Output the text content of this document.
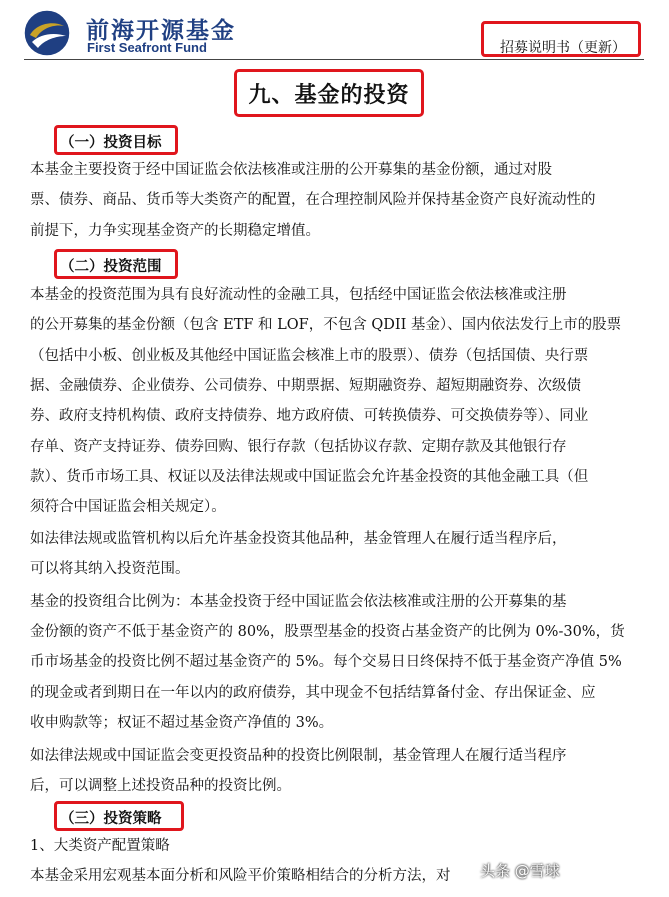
前海开源基金
First Seafront Fund	招募说明书（更新）
九、基金的投资
（一）投资目标
本基金主要投资于经中国证监会依法核准或注册的公开募集的基金份额，通过对股
票、债券、商品、货币等大类资产的配置，在合理控制风险并保持基金资产良好流动性的
前提下，力争实现基金资产的长期稳定增值。
（二）投资范围
本基金的投资范围为具有良好流动性的金融工具，包括经中国证监会依法核准或注册
的公开募集的基金份额（包含 ETF 和 LOF，不包含 QDII 基金）、国内依法发行上市的股票
（包括中小板、创业板及其他经中国证监会核准上市的股票）、债券（包括国债、央行票
据、金融债券、企业债券、公司债券、中期票据、短期融资券、超短期融资券、次级债
券、政府支持机构债、政府支持债券、地方政府债、可转换债券、可交换债券等）、同业
存单、资产支持证券、债券回购、银行存款（包括协议存款、定期存款及其他银行存
款）、货币市场工具、权证以及法律法规或中国证监会允许基金投资的其他金融工具（但
须符合中国证监会相关规定）。
如法律法规或监管机构以后允许基金投资其他品种，基金管理人在履行适当程序后，
可以将其纳入投资范围。
基金的投资组合比例为：本基金投资于经中国证监会依法核准或注册的公开募集的基
金份额的资产不低于基金资产的 80%，股票型基金的投资占基金资产的比例为 0%-30%，货
币市场基金的投资比例不超过基金资产的 5%。每个交易日日终保持不低于基金资产净值 5%
的现金或者到期日在一年以内的政府债券，其中现金不包括结算备付金、存出保证金、应
收申购款等；权证不超过基金资产净值的 3%。
如法律法规或中国证监会变更投资品种的投资比例限制，基金管理人在履行适当程序
后，可以调整上述投资品种的投资比例。
（三）投资策略
1、大类资产配置策略
本基金采用宏观基本面分析和风险平价策略相结合的分析方法，对 头条 @雪球
